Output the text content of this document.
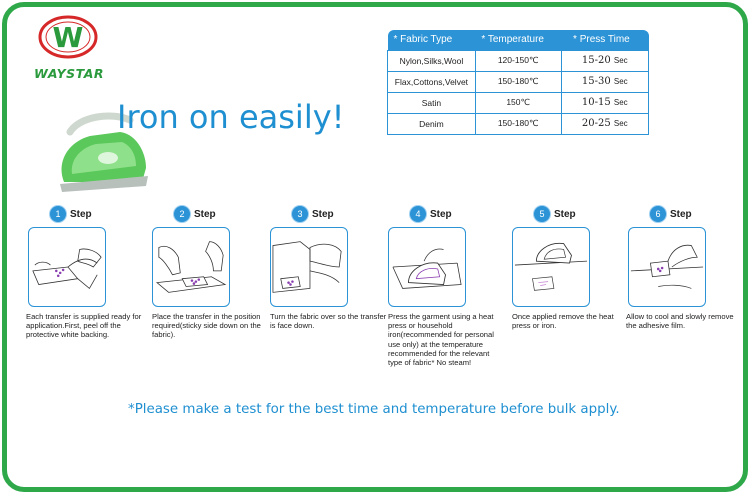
W
WAYSTAR
Iron on easily!
* Fabric Type	* Temperature	* Press Time
Nylon,Silks,Wool	120-150℃	15-20 Sec
Flax,Cottons,Velvet	150-180℃	15-30 Sec
Satin	150℃	10-15 Sec
Denim	150-180℃	20-25 Sec
1 Step
Each transfer is supplied ready for application.First, peel off the protective white backing.
2 Step
Place the transfer in the position required(sticky side down on the fabric).
3 Step
Turn the fabric over so the transfer is face down.
4 Step
Press the garment using a heat press or household iron(recommended for personal use only) at the temperature recommended for the relevant type of fabric* No steam!
5 Step
Once applied remove the heat press or iron.
6 Step
Allow to cool and slowly remove the adhesive film.
*Please make a test for the best time and temperature before bulk apply.
